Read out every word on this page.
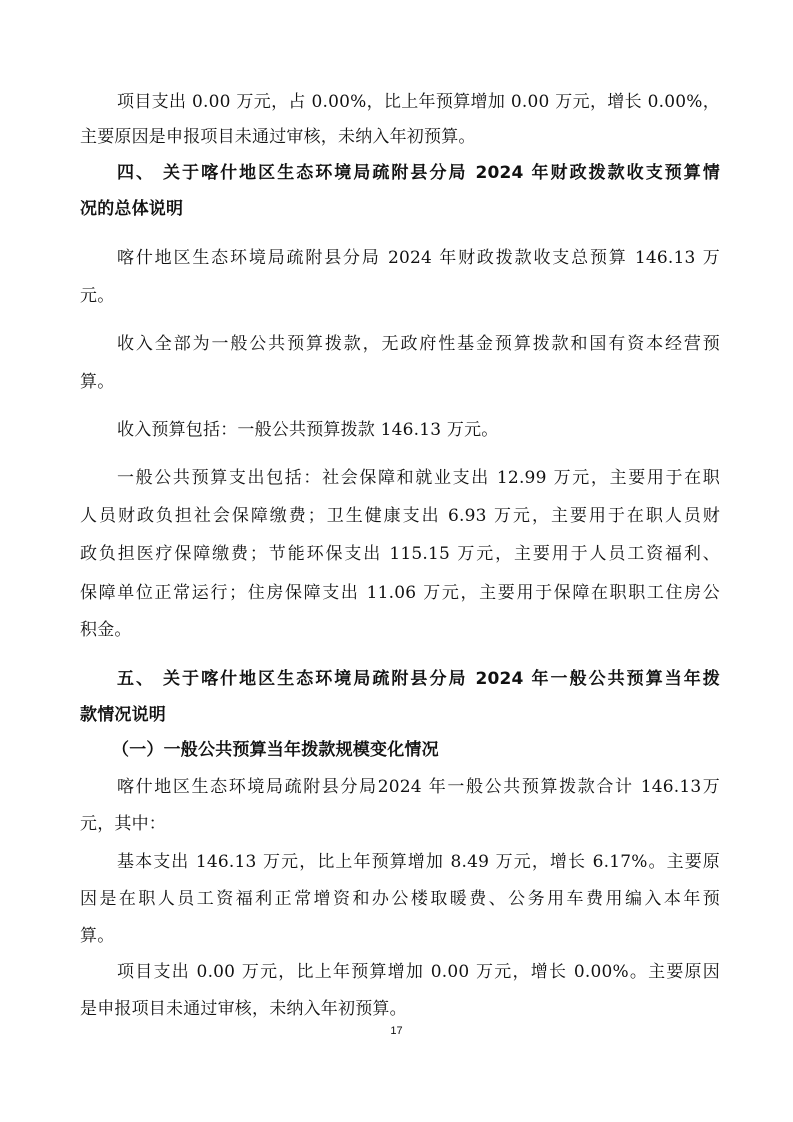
项目支出 0.00 万元，占 0.00%，比上年预算增加 0.00 万元，增长 0.00%，
主要原因是申报项目未通过审核，未纳入年初预算。
四、 关于喀什地区生态环境局疏附县分局 2024 年财政拨款收支预算情
况的总体说明
喀什地区生态环境局疏附县分局 2024 年财政拨款收支总预算 146.13 万
元。
收入全部为一般公共预算拨款，无政府性基金预算拨款和国有资本经营预
算。
收入预算包括：一般公共预算拨款 146.13 万元。
一般公共预算支出包括：社会保障和就业支出 12.99 万元，主要用于在职
人员财政负担社会保障缴费；卫生健康支出 6.93 万元，主要用于在职人员财
政负担医疗保障缴费；节能环保支出 115.15 万元，主要用于人员工资福利、
保障单位正常运行；住房保障支出 11.06 万元，主要用于保障在职职工住房公
积金。
五、 关于喀什地区生态环境局疏附县分局 2024 年一般公共预算当年拨
款情况说明
（一）一般公共预算当年拨款规模变化情况
喀什地区生态环境局疏附县分局2024 年一般公共预算拨款合计 146.13万
元，其中：
基本支出 146.13 万元，比上年预算增加 8.49 万元，增长 6.17%。主要原
因是在职人员工资福利正常增资和办公楼取暖费、公务用车费用编入本年预
算。
项目支出 0.00 万元，比上年预算增加 0.00 万元，增长 0.00%。主要原因
是申报项目未通过审核，未纳入年初预算。
17
